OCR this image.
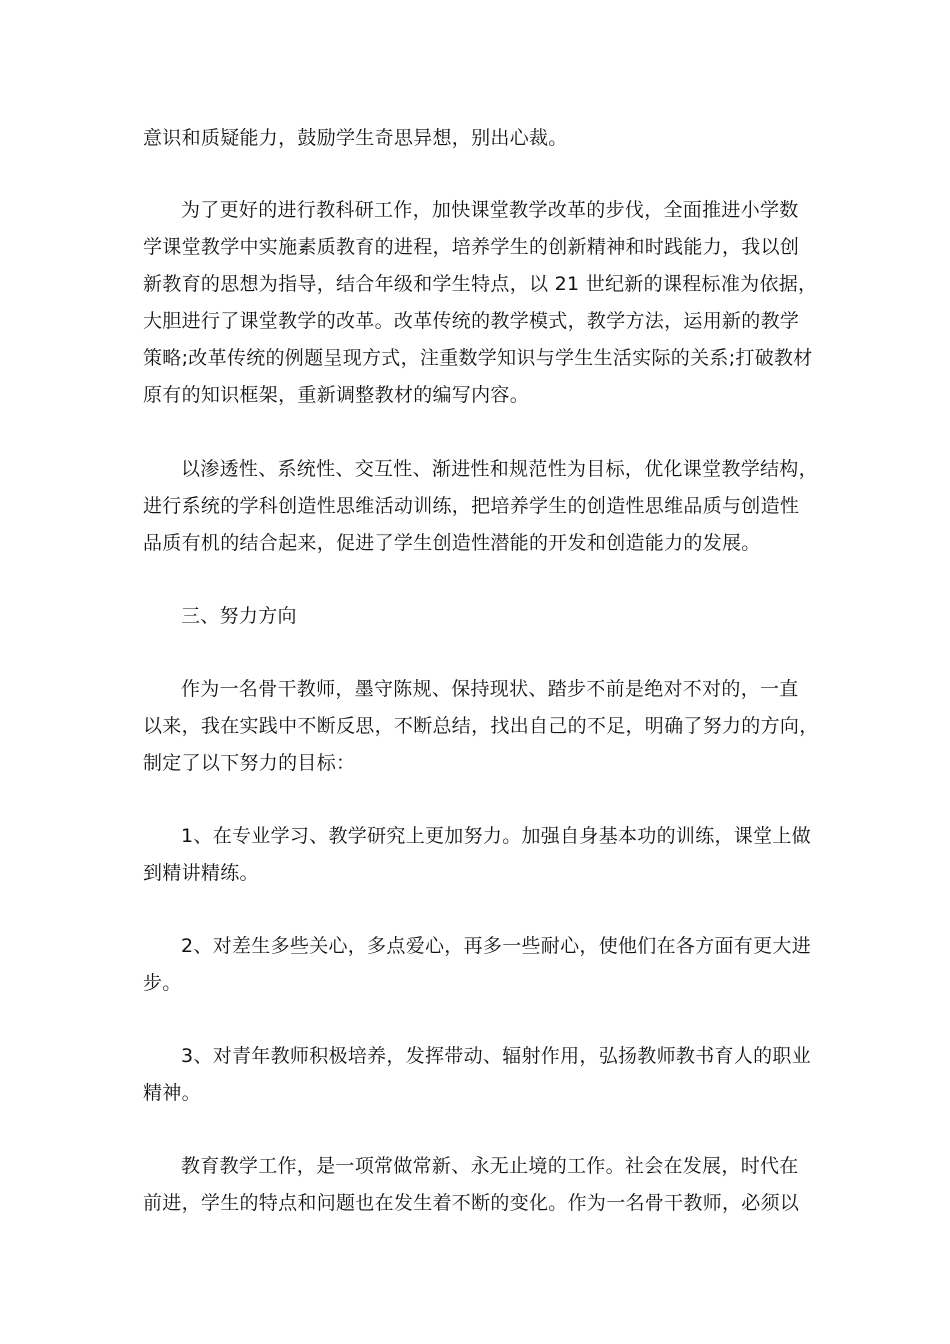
意识和质疑能力，鼓励学生奇思异想，别出心裁。
为了更好的进行教科研工作，加快课堂教学改革的步伐，全面推进小学数
学课堂教学中实施素质教育的进程，培养学生的创新精神和时践能力，我以创
新教育的思想为指导，结合年级和学生特点，以 21 世纪新的课程标准为依据，
大胆进行了课堂教学的改革。改革传统的教学模式，教学方法，运用新的教学
策略;改革传统的例题呈现方式，注重数学知识与学生生活实际的关系;打破教材
原有的知识框架，重新调整教材的编写内容。
以渗透性、系统性、交互性、渐进性和规范性为目标，优化课堂教学结构，
进行系统的学科创造性思维活动训练，把培养学生的创造性思维品质与创造性
品质有机的结合起来，促进了学生创造性潜能的开发和创造能力的发展。
三、努力方向
作为一名骨干教师，墨守陈规、保持现状、踏步不前是绝对不对的，一直
以来，我在实践中不断反思，不断总结，找出自己的不足，明确了努力的方向，
制定了以下努力的目标：
1、在专业学习、教学研究上更加努力。加强自身基本功的训练，课堂上做
到精讲精练。
2、对差生多些关心，多点爱心，再多一些耐心，使他们在各方面有更大进
步。
3、对青年教师积极培养，发挥带动、辐射作用，弘扬教师教书育人的职业
精神。
教育教学工作，是一项常做常新、永无止境的工作。社会在发展，时代在
前进，学生的特点和问题也在发生着不断的变化。作为一名骨干教师，必须以
